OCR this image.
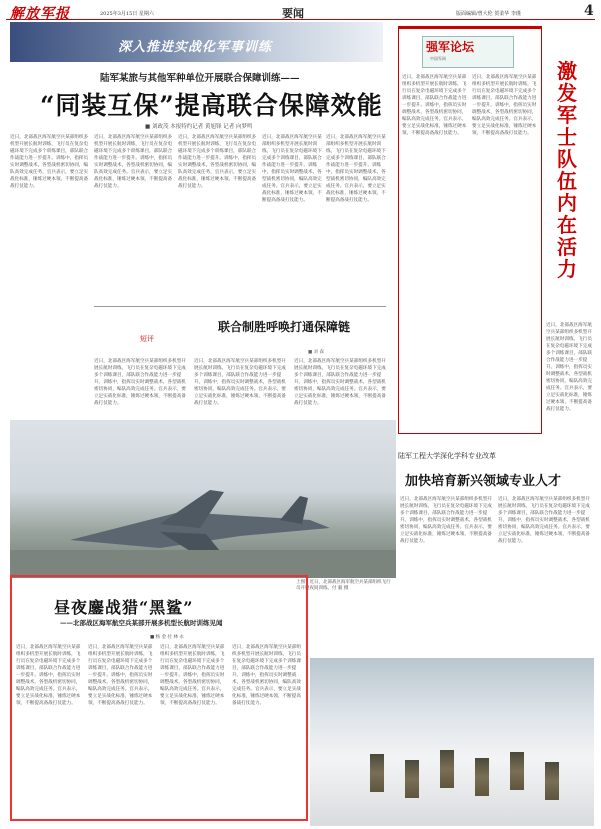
解放军报	2025年3月15日 星期六	要闻	版面编辑/曾大伦 贺柔华 李瑾	4
深入推进实战化军事训练
陆军某旅与其他军种单位开展联合保障训练——
“同装互保”提高联合保障效能
■ 刘政茂 本报特约记者 黄旭锋 记者 向梦鸣
近日，北部战区海军航空兵某部组织多机型开展长航时训练，飞行员在复杂电磁环境下完成多个训练课目，部队联合作战能力进一步提升。训练中，指挥员实时调整战术，各型战机密切协同，编队高效完成任务。官兵表示，要立足实战化标准，锤炼过硬本领，不断提高备战打仗能力。
近日，北部战区海军航空兵某部组织多机型开展长航时训练，飞行员在复杂电磁环境下完成多个训练课目，部队联合作战能力进一步提升。训练中，指挥员实时调整战术，各型战机密切协同，编队高效完成任务。官兵表示，要立足实战化标准，锤炼过硬本领，不断提高备战打仗能力。
近日，北部战区海军航空兵某部组织多机型开展长航时训练，飞行员在复杂电磁环境下完成多个训练课目，部队联合作战能力进一步提升。训练中，指挥员实时调整战术，各型战机密切协同，编队高效完成任务。官兵表示，要立足实战化标准，锤炼过硬本领，不断提高备战打仗能力。
近日，北部战区海军航空兵某部组织多机型开展长航时训练，飞行员在复杂电磁环境下完成多个训练课目，部队联合作战能力进一步提升。训练中，指挥员实时调整战术，各型战机密切协同，编队高效完成任务。官兵表示，要立足实战化标准，锤炼过硬本领，不断提高备战打仗能力。
近日，北部战区海军航空兵某部组织多机型开展长航时训练，飞行员在复杂电磁环境下完成多个训练课目，部队联合作战能力进一步提升。训练中，指挥员实时调整战术，各型战机密切协同，编队高效完成任务。官兵表示，要立足实战化标准，锤炼过硬本领，不断提高备战打仗能力。
短评
联合制胜呼唤打通保障链
■ 刘 森
近日，北部战区海军航空兵某部组织多机型开展长航时训练，飞行员在复杂电磁环境下完成多个训练课目，部队联合作战能力进一步提升。训练中，指挥员实时调整战术，各型战机密切协同，编队高效完成任务。官兵表示，要立足实战化标准，锤炼过硬本领，不断提高备战打仗能力。
近日，北部战区海军航空兵某部组织多机型开展长航时训练，飞行员在复杂电磁环境下完成多个训练课目，部队联合作战能力进一步提升。训练中，指挥员实时调整战术，各型战机密切协同，编队高效完成任务。官兵表示，要立足实战化标准，锤炼过硬本领，不断提高备战打仗能力。
近日，北部战区海军航空兵某部组织多机型开展长航时训练，飞行员在复杂电磁环境下完成多个训练课目，部队联合作战能力进一步提升。训练中，指挥员实时调整战术，各型战机密切协同，编队高效完成任务。官兵表示，要立足实战化标准，锤炼过硬本领，不断提高备战打仗能力。
强军论坛
中国军网
近日，北部战区海军航空兵某部组织多机型开展长航时训练，飞行员在复杂电磁环境下完成多个训练课目，部队联合作战能力进一步提升。训练中，指挥员实时调整战术，各型战机密切协同，编队高效完成任务。官兵表示，要立足实战化标准，锤炼过硬本领，不断提高备战打仗能力。
近日，北部战区海军航空兵某部组织多机型开展长航时训练，飞行员在复杂电磁环境下完成多个训练课目，部队联合作战能力进一步提升。训练中，指挥员实时调整战术，各型战机密切协同，编队高效完成任务。官兵表示，要立足实战化标准，锤炼过硬本领，不断提高备战打仗能力。
激发军士队伍内在活力
近日，北部战区海军航空兵某部组织多机型开展长航时训练，飞行员在复杂电磁环境下完成多个训练课目，部队联合作战能力进一步提升。训练中，指挥员实时调整战术，各型战机密切协同，编队高效完成任务。官兵表示，要立足实战化标准，锤炼过硬本领，不断提高备战打仗能力。
上图：近日，北部战区海军航空兵某部组织飞行员开展夜间训练。付 毅 摄
陆军工程大学深化学科专业改革
加快培育新兴领域专业人才
近日，北部战区海军航空兵某部组织多机型开展长航时训练，飞行员在复杂电磁环境下完成多个训练课目，部队联合作战能力进一步提升。训练中，指挥员实时调整战术，各型战机密切协同，编队高效完成任务。官兵表示，要立足实战化标准，锤炼过硬本领，不断提高备战打仗能力。
近日，北部战区海军航空兵某部组织多机型开展长航时训练，飞行员在复杂电磁环境下完成多个训练课目，部队联合作战能力进一步提升。训练中，指挥员实时调整战术，各型战机密切协同，编队高效完成任务。官兵表示，要立足实战化标准，锤炼过硬本领，不断提高备战打仗能力。
昼夜鏖战猎“黑鲨”
——北部战区海军航空兵某部开展多机型长航时训练见闻
■ 杨 金 付 林 永
近日，北部战区海军航空兵某部组织多机型开展长航时训练，飞行员在复杂电磁环境下完成多个训练课目，部队联合作战能力进一步提升。训练中，指挥员实时调整战术，各型战机密切协同，编队高效完成任务。官兵表示，要立足实战化标准，锤炼过硬本领，不断提高备战打仗能力。
近日，北部战区海军航空兵某部组织多机型开展长航时训练，飞行员在复杂电磁环境下完成多个训练课目，部队联合作战能力进一步提升。训练中，指挥员实时调整战术，各型战机密切协同，编队高效完成任务。官兵表示，要立足实战化标准，锤炼过硬本领，不断提高备战打仗能力。
近日，北部战区海军航空兵某部组织多机型开展长航时训练，飞行员在复杂电磁环境下完成多个训练课目，部队联合作战能力进一步提升。训练中，指挥员实时调整战术，各型战机密切协同，编队高效完成任务。官兵表示，要立足实战化标准，锤炼过硬本领，不断提高备战打仗能力。
近日，北部战区海军航空兵某部组织多机型开展长航时训练，飞行员在复杂电磁环境下完成多个训练课目，部队联合作战能力进一步提升。训练中，指挥员实时调整战术，各型战机密切协同，编队高效完成任务。官兵表示，要立足实战化标准，锤炼过硬本领，不断提高备战打仗能力。
